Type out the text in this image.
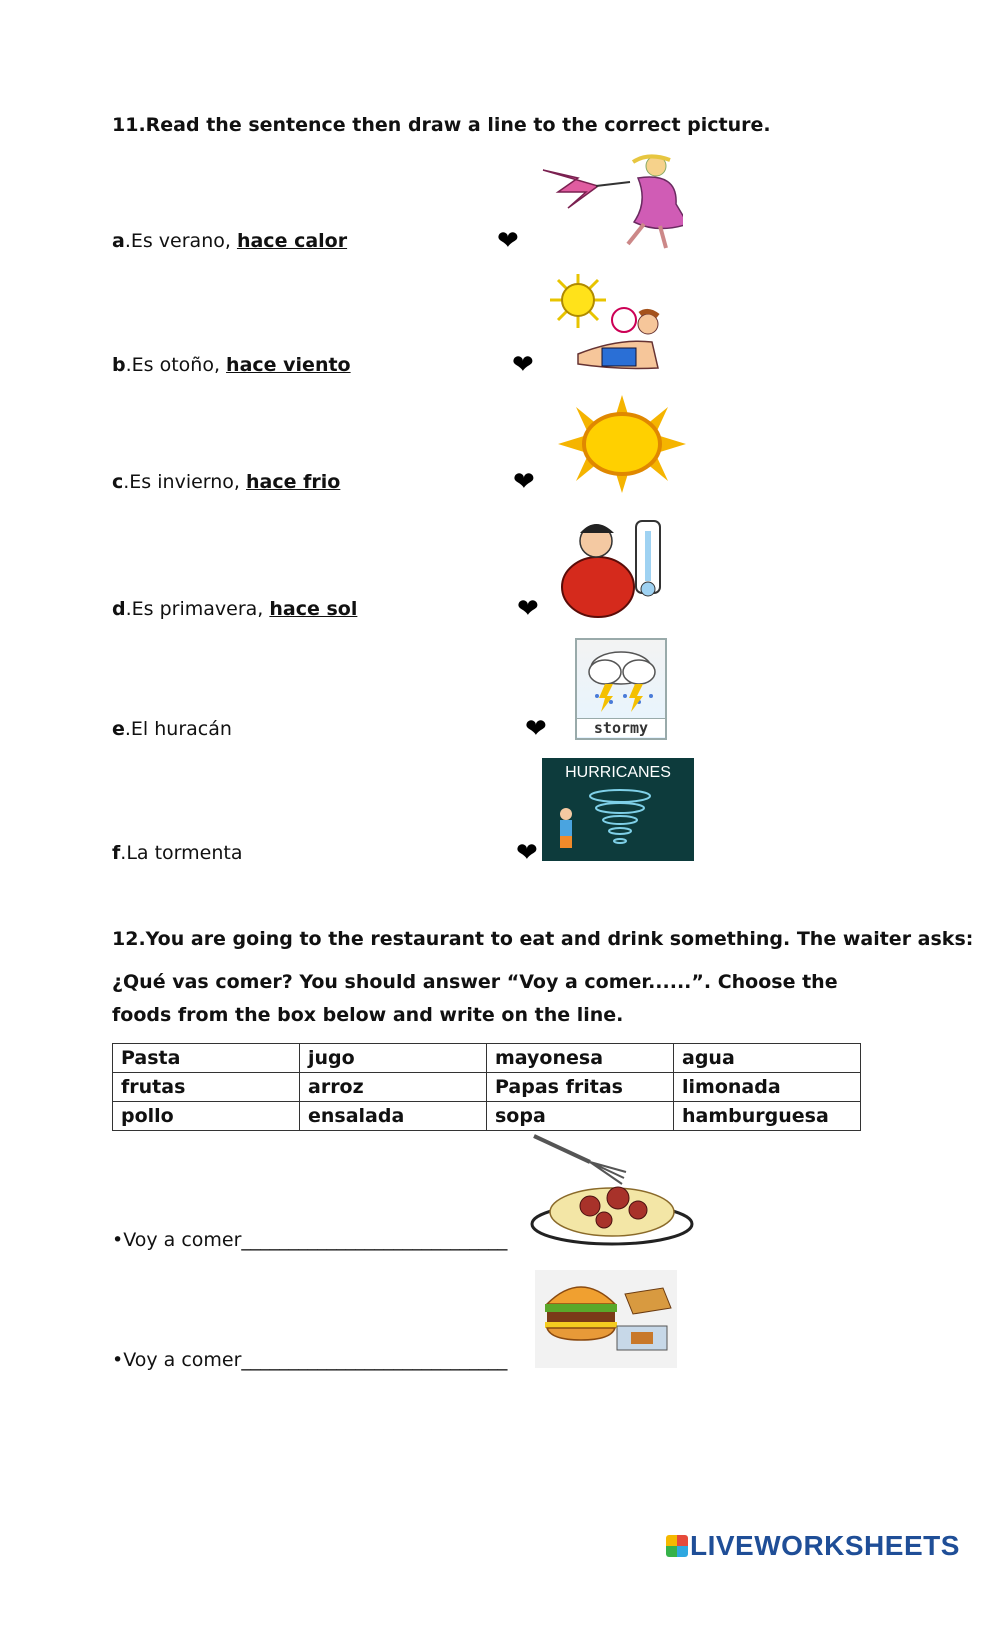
11.Read the sentence then draw a line to the correct picture.
a.Es verano, hace calor
b.Es otoño, hace viento
c.Es invierno, hace frio
d.Es primavera, hace sol
e.El huracán
f.La tormenta
❤
❤
❤
❤
❤
❤
stormy
HURRICANES
12.You are going to the restaurant to eat and drink something. The waiter asks:
¿Qué vas comer? You should answer “Voy a comer......”. Choose the foods from the box below and write on the line.
Pasta	jugo	mayonesa	agua
frutas	arroz	Papas fritas	limonada
pollo	ensalada	sopa	hamburguesa
•Voy a comer____________________________
•Voy a comer____________________________
LIVEWORKSHEETS
